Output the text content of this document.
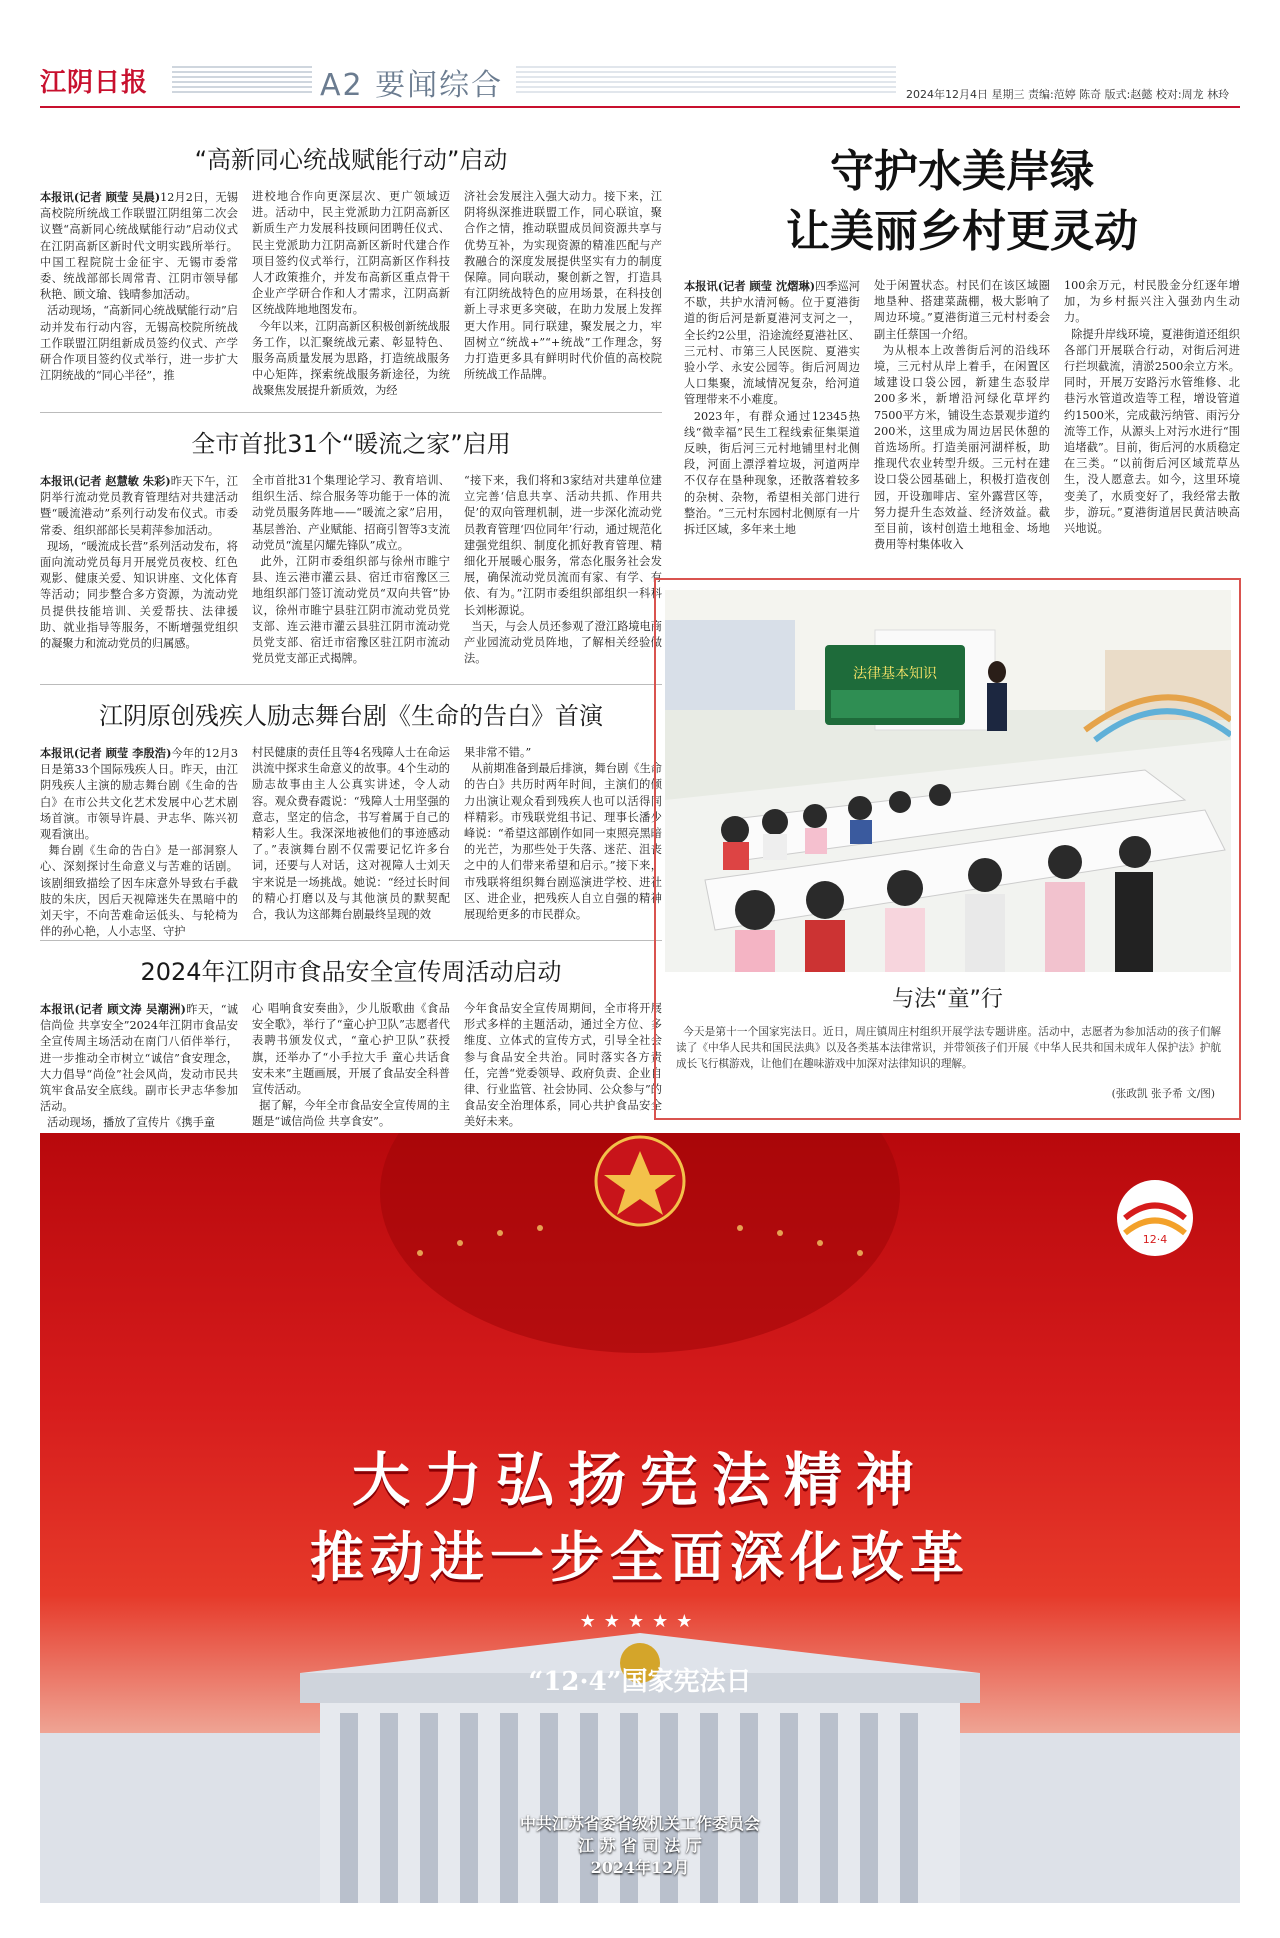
江阴日报	A2 要闻综合	2024年12月4日 星期三 责编:范婷 陈奇 版式:赵懿 校对:周龙 林玲
“高新同心统战赋能行动”启动
本报讯(记者 顾莹 吴晨)12月2日，无锡高校院所统战工作联盟江阴组第二次会议暨“高新同心统战赋能行动”启动仪式在江阴高新区新时代文明实践所举行。中国工程院院士金征宇、无锡市委常委、统战部部长周常青、江阴市领导郁秋艳、顾文瑜、钱晴参加活动。
活动现场，“高新同心统战赋能行动”启动并发布行动内容，无锡高校院所统战工作联盟江阴组新成员签约仪式、产学研合作项目签约仪式举行，进一步扩大江阴统战的“同心半径”，推
进校地合作向更深层次、更广领域迈进。活动中，民主党派助力江阴高新区新质生产力发展科技顾问团聘任仪式、民主党派助力江阴高新区新时代建合作项目签约仪式举行，江阴高新区作科技人才政策推介，并发布高新区重点骨干企业产学研合作和人才需求，江阴高新区统战阵地地图发布。
今年以来，江阴高新区积极创新统战服务工作，以汇聚统战元素、彰显特色、服务高质量发展为思路，打造统战服务中心矩阵，探索统战服务新途径，为统战聚焦发展提升新质效，为经
济社会发展注入强大动力。接下来，江阴将纵深推进联盟工作，同心联谊，聚合作之情，推动联盟成员间资源共享与优势互补，为实现资源的精准匹配与产教融合的深度发展提供坚实有力的制度保障。同向联动，聚创新之智，打造具有江阴统战特色的应用场景，在科技创新上寻求更多突破，在助力发展上发挥更大作用。同行联建，聚发展之力，牢固树立“统战+”“+统战”工作理念，努力打造更多具有鲜明时代价值的高校院所统战工作品牌。
全市首批31个“暖流之家”启用
本报讯(记者 赵慧敏 朱彩)昨天下午，江阴举行流动党员教育管理结对共建活动暨“暖流港动”系列行动发布仪式。市委常委、组织部部长吴莉萍参加活动。
现场，“暖流成长营”系列活动发布，将面向流动党员每月开展党员夜校、红色观影、健康关爱、知识讲座、文化体育等活动；同步整合多方资源，为流动党员提供技能培训、关爱帮扶、法律援助、就业指导等服务，不断增强党组织的凝聚力和流动党员的归属感。
全市首批31个集理论学习、教育培训、组织生活、综合服务等功能于一体的流动党员服务阵地——“暖流之家”启用，基层善治、产业赋能、招商引智等3支流动党员“流星闪耀先锋队”成立。
此外，江阴市委组织部与徐州市睢宁县、连云港市灌云县、宿迁市宿豫区三地组织部门签订流动党员“双向共管”协议，徐州市睢宁县驻江阴市流动党员党支部、连云港市灌云县驻江阴市流动党员党支部、宿迁市宿豫区驻江阴市流动党员党支部正式揭牌。
“接下来，我们将和3家结对共建单位建立完善‘信息共享、活动共抓、作用共促’的双向管理机制，进一步深化流动党员教育管理‘四位同年’行动，通过规范化建强党组织、制度化抓好教育管理、精细化开展暖心服务，常态化服务社会发展，确保流动党员流而有家、有学、有依、有为。”江阴市委组织部组织一科科长刘彬源说。
当天，与会人员还参观了澄江路境电商产业园流动党员阵地，了解相关经验做法。
江阴原创残疾人励志舞台剧《生命的告白》首演
本报讯(记者 顾莹 李殷浩)今年的12月3日是第33个国际残疾人日。昨天，由江阴残疾人主演的励志舞台剧《生命的告白》在市公共文化艺术发展中心艺术剧场首演。市领导许晨、尹志华、陈兴初观看演出。
舞台剧《生命的告白》是一部洞察人心、深刻探讨生命意义与苦难的话剧。该剧细致描绘了因车床意外导致右手截肢的朱庆，因后天视障迷失在黑暗中的刘天宇，不向苦难命运低头、与轮椅为伴的孙心艳，人小志坚、守护
村民健康的责任且等4名残障人士在命运洪流中探求生命意义的故事。4个生动的励志故事由主人公真实讲述，令人动容。观众费春霞说：“残障人士用坚强的意志，坚定的信念，书写着属于自己的精彩人生。我深深地被他们的事迹感动了。”表演舞台剧不仅需要记忆许多台词，还要与人对话，这对视障人士刘天宇来说是一场挑战。她说：“经过长时间的精心打磨以及与其他演员的默契配合，我认为这部舞台剧最终呈现的效
果非常不错。”
从前期准备到最后排演，舞台剧《生命的告白》共历时两年时间，主演们的倾力出演让观众看到残疾人也可以活得同样精彩。市残联党组书记、理事长潘少峰说：“希望这部剧作如同一束照亮黑暗的光芒，为那些处于失落、迷茫、沮丧之中的人们带来希望和启示。”接下来，市残联将组织舞台剧巡演进学校、进社区、进企业，把残疾人自立自强的精神展现给更多的市民群众。
2024年江阴市食品安全宣传周活动启动
本报讯(记者 顾文涛 吴潮洲)昨天，“诚信尚俭 共享安全”2024年江阴市食品安全宣传周主场活动在南门八佰伴举行，进一步推动全市树立“诚信”食安理念，大力倡导“尚俭”社会风尚，发动市民共筑牢食品安全底线。副市长尹志华参加活动。
活动现场，播放了宣传片《携手童
心 唱响食安奏曲》，少儿版歌曲《食品安全歌》，举行了“童心护卫队”志愿者代表聘书颁发仪式，“童心护卫队”获授旗，还举办了“小手拉大手 童心共话食安未来”主题画展，开展了食品安全科普宣传活动。
据了解，今年全市食品安全宣传周的主题是“诚信尚俭 共享食安”。
今年食品安全宣传周期间，全市将开展形式多样的主题活动，通过全方位、多维度、立体式的宣传方式，引导全社会参与食品安全共治。同时落实各方责任，完善“党委领导、政府负责、企业自律、行业监管、社会协同、公众参与”的食品安全治理体系，同心共护食品安全美好未来。
守护水美岸绿
让美丽乡村更灵动
本报讯(记者 顾莹 沈熠琳)四季巡河不歇，共护水清河畅。位于夏港街道的街后河是新夏港河支河之一，全长约2公里，沿途流经夏港社区、三元村、市第三人民医院、夏港实验小学、永安公园等。街后河周边人口集聚，流域情况复杂，给河道管理带来不小难度。
2023年，有群众通过12345热线“微幸福”民生工程线索征集渠道反映，街后河三元村地铺里村北侧段，河面上漂浮着垃圾，河道两岸不仅存在垦种现象，还散落着较多的杂树、杂物，希望相关部门进行整治。“三元村东园村北侧原有一片拆迁区域，多年来土地
处于闲置状态。村民们在该区域圈地垦种、搭建菜蔬棚，极大影响了周边环境。”夏港街道三元村村委会副主任蔡国一介绍。
为从根本上改善街后河的沿线环境，三元村从岸上着手，在闲置区域建设口袋公园，新建生态驳岸200多米，新增沿河绿化草坪约7500平方米，铺设生态景观步道约200米，这里成为周边居民休憩的首选场所。打造美丽河湖样板，助推现代农业转型升级。三元村在建设口袋公园基础上，积极打造夜创园，开设珈啡店、室外露营区等，努力提升生态效益、经济效益。截至目前，该村创造土地租金、场地费用等村集体收入
100余万元，村民股金分红逐年增加，为乡村振兴注入强劲内生动力。
除提升岸线环境，夏港街道还组织各部门开展联合行动，对街后河进行拦坝截流，清淤2500余立方米。同时，开展万安路污水管维修、北巷污水管道改造等工程，增设管道约1500米，完成截污纳管、雨污分流等工作，从源头上对污水进行“围追堵截”。目前，街后河的水质稳定在三类。“以前街后河区域荒草丛生，没人愿意去。如今，这里环境变美了，水质变好了，我经常去散步，游玩。”夏港街道居民黄洁映高兴地说。
法律基本知识
与法“童”行
今天是第十一个国家宪法日。近日，周庄镇周庄村组织开展学法专题讲座。活动中，志愿者为参加活动的孩子们解读了《中华人民共和国民法典》以及各类基本法律常识，并带领孩子们开展《中华人民共和国未成年人保护法》护航成长飞行棋游戏，让他们在趣味游戏中加深对法律知识的理解。
(张政凯 张予希 文/图)
12·4
大力弘扬宪法精神
推动进一步全面深化改革
★★★★★
“12·4”国家宪法日
中共江苏省委省级机关工作委员会
江 苏 省 司 法 厅
2024年12月
